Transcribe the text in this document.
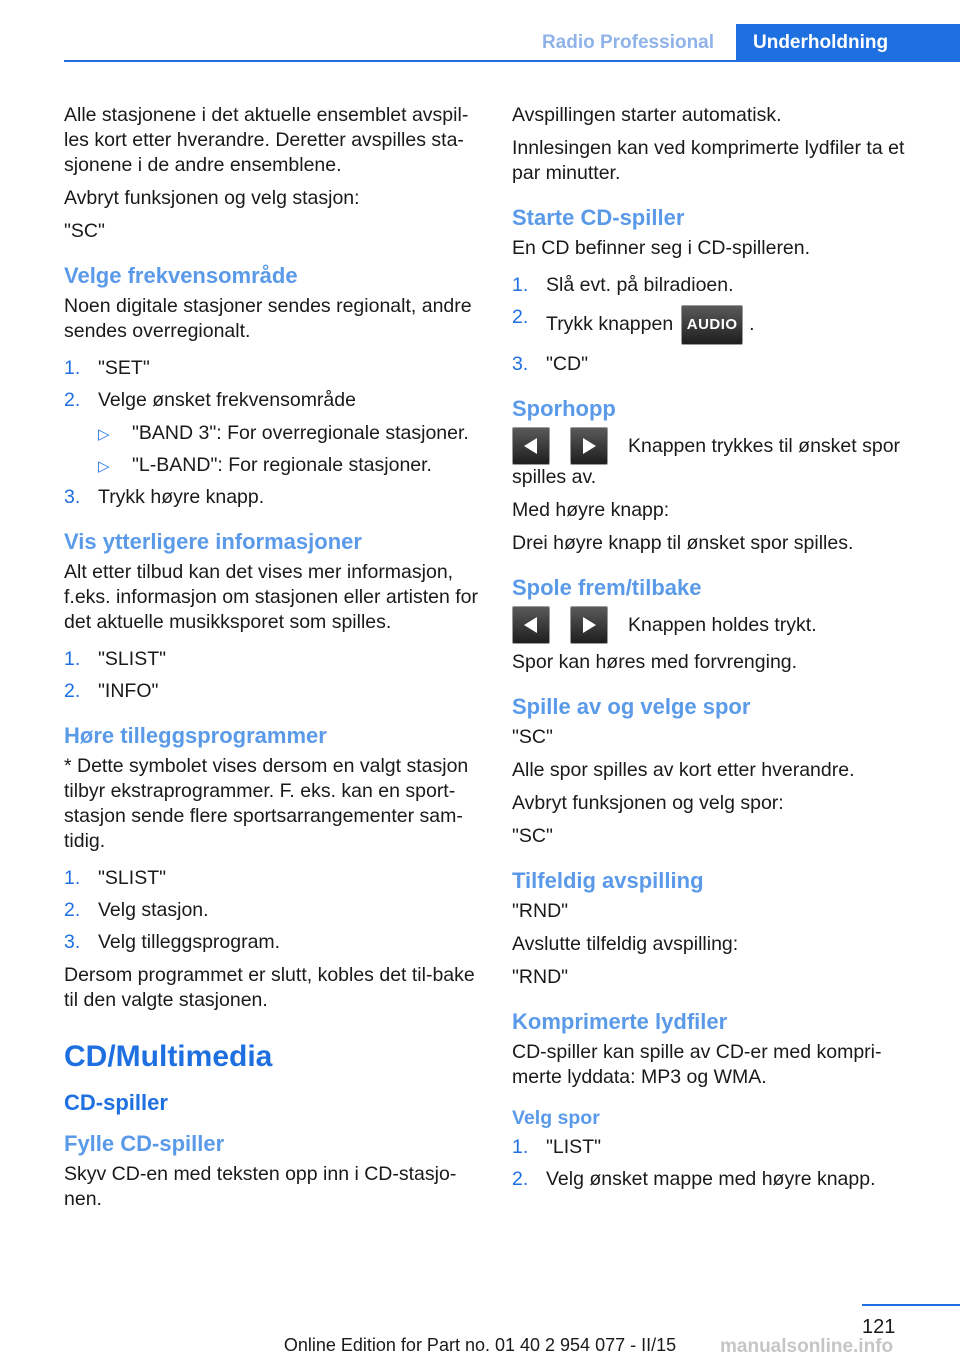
Radio Professional	Underholdning

Alle stasjonene i det aktuelle ensemblet avspil-les kort etter hverandre. Deretter avspilles sta-sjonene i de andre ensemblene.

Avbryt funksjonen og velg stasjon:

"SC"

Velge frekvensområde

Noen digitale stasjoner sendes regionalt, andre sendes overregionalt.

1. "SET"
2. Velge ønsket frekvensområde
▷ "BAND 3": For overregionale stasjoner.
▷ "L-BAND": For regionale stasjoner.
3. Trykk høyre knapp.
Vis ytterligere informasjoner

Alt etter tilbud kan det vises mer informasjon, f.eks. informasjon om stasjonen eller artisten for det aktuelle musikksporet som spilles.

1. "SLIST"
2. "INFO"
Høre tilleggsprogrammer

* Dette symbolet vises dersom en valgt stasjon tilbyr ekstraprogrammer. F. eks. kan en sport-stasjon sende flere sportsarrangementer sam-tidig.

1. "SLIST"
2. Velg stasjon.
3. Velg tilleggsprogram.

Dersom programmet er slutt, kobles det til-bake til den valgte stasjonen.

CD/Multimedia
CD-spiller
Fylle CD-spiller

Skyv CD-en med teksten opp inn i CD-stasjo-nen.

Avspillingen starter automatisk.

Innlesingen kan ved komprimerte lydfiler ta et par minutter.

Starte CD-spiller

En CD befinner seg i CD-spilleren.

1. Slå evt. på bilradioen.
2. Trykk knappen AUDIO .
3. "CD"
Sporhopp
Knappen trykkes til ønsket spor

spilles av.

Med høyre knapp:

Drei høyre knapp til ønsket spor spilles.

Spole frem/tilbake
Knappen holdes trykt.

Spor kan høres med forvrenging.

Spille av og velge spor

"SC"

Alle spor spilles av kort etter hverandre.

Avbryt funksjonen og velg spor:

"SC"

Tilfeldig avspilling

"RND"

Avslutte tilfeldig avspilling:

"RND"

Komprimerte lydfiler

CD-spiller kan spille av CD-er med kompri-merte lyddata: MP3 og WMA.

Velg spor
1. "LIST"
2. Velg ønsket mappe med høyre knapp.
121
Online Edition for Part no. 01 40 2 954 077 - II/15	manualsonline.info
